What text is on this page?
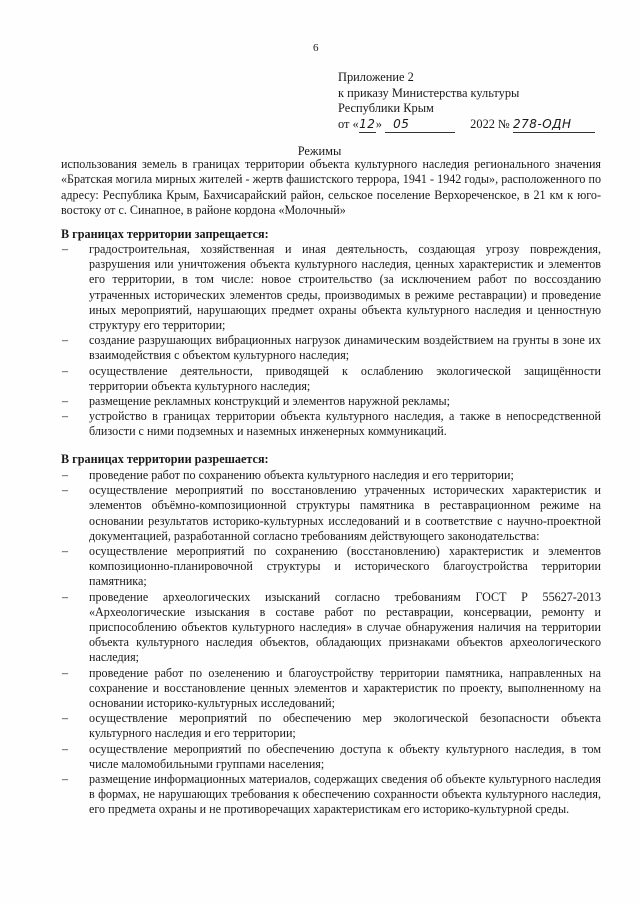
6
Приложение 2
к приказу Министерства культуры
Республики Крым
от «12» 05	2022 № 278-ОДН
Режимы
использования земель в границах территории объекта культурного наследия регионального значения «Братская могила мирных жителей - жертв фашистского террора, 1941 - 1942 годы», расположенного по адресу: Республика Крым, Бахчисарайский район, сельское поселение Верхореченское, в 21 км к юго-востоку от с. Синапное, в районе кордона «Молочный»
В границах территории запрещается:
– градостроительная, хозяйственная и иная деятельность, создающая угрозу повреждения, разрушения или уничтожения объекта культурного наследия, ценных характеристик и элементов его территории, в том числе: новое строительство (за исключением работ по воссозданию утраченных исторических элементов среды, производимых в режиме реставрации) и проведение иных мероприятий, нарушающих предмет охраны объекта культурного наследия и ценностную структуру его территории;
– создание разрушающих вибрационных нагрузок динамическим воздействием на грунты в зоне их взаимодействия с объектом культурного наследия;
– осуществление деятельности, приводящей к ослаблению экологической защищённости территории объекта культурного наследия;
– размещение рекламных конструкций и элементов наружной рекламы;
– устройство в границах территории объекта культурного наследия, а также в непосредственной близости с ними подземных и наземных инженерных коммуникаций.
В границах территории разрешается:
– проведение работ по сохранению объекта культурного наследия и его территории;
– осуществление мероприятий по восстановлению утраченных исторических характеристик и элементов объёмно-композиционной структуры памятника в реставрационном режиме на основании результатов историко-культурных исследований и в соответствие с научно-проектной документацией, разработанной согласно требованиям действующего законодательства:
– осуществление мероприятий по сохранению (восстановлению) характеристик и элементов композиционно-планировочной структуры и исторического благоустройства территории памятника;
– проведение археологических изысканий согласно требованиям ГОСТ Р 55627-2013 «Археологические изыскания в составе работ по реставрации, консервации, ремонту и приспособлению объектов культурного наследия» в случае обнаружения наличия на территории объекта культурного наследия объектов, обладающих признаками объектов археологического наследия;
– проведение работ по озеленению и благоустройству территории памятника, направленных на сохранение и восстановление ценных элементов и характеристик по проекту, выполненному на основании историко-культурных исследований;
– осуществление мероприятий по обеспечению мер экологической безопасности объекта культурного наследия и его территории;
– осуществление мероприятий по обеспечению доступа к объекту культурного наследия, в том числе маломобильными группами населения;
– размещение информационных материалов, содержащих сведения об объекте культурного наследия в формах, не нарушающих требования к обеспечению сохранности объекта культурного наследия, его предмета охраны и не противоречащих характеристикам его историко-культурной среды.
